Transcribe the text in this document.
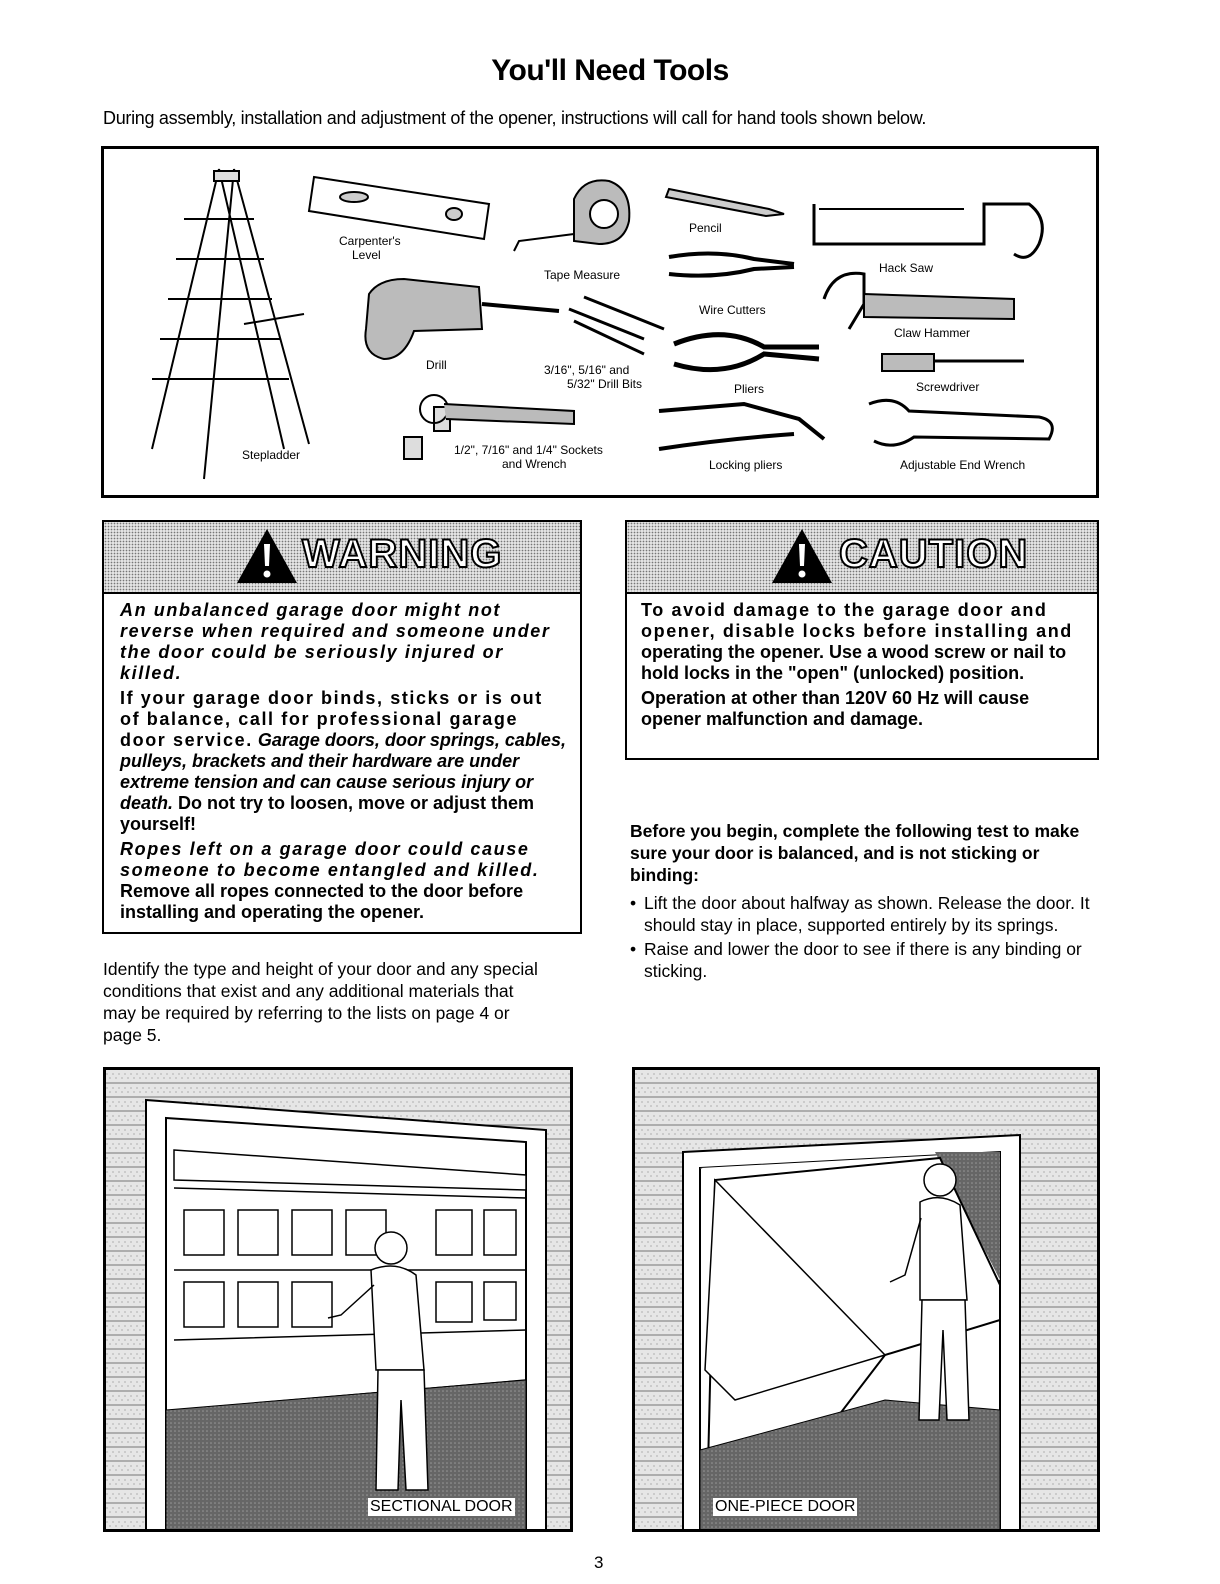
You'll Need Tools
During assembly, installation and adjustment of the opener, instructions will call for hand tools shown below.
Stepladder
Carpenter's
Level
Tape Measure
Drill	3/16", 5/16" and
5/32" Drill Bits
1/2", 7/16" and 1/4" Sockets
and Wrench
Pencil
Wire Cutters
Pliers
Locking pliers
Hack Saw
Claw Hammer
Screwdriver
Adjustable End Wrench
WARNING

An unbalanced garage door might not reverse when required and someone under the door could be seriously injured or killed.

If your garage door binds, sticks or is out of balance, call for professional garage door service. Garage doors, door springs, cables, pulleys, brackets and their hardware are under extreme tension and can cause serious injury or death. Do not try to loosen, move or adjust them yourself!

Ropes left on a garage door could cause someone to become entangled and killed. Remove all ropes connected to the door before installing and operating the opener.

CAUTION

To avoid damage to the garage door and opener, disable locks before installing and operating the opener. Use a wood screw or nail to hold locks in the "open" (unlocked) position.

Operation at other than 120V 60 Hz will cause opener malfunction and damage.

Before you begin, complete the following test to make sure your door is balanced, and is not sticking or binding:
• Lift the door about halfway as shown. Release the door. It should stay in place, supported entirely by its springs.
• Raise and lower the door to see if there is any binding or sticking.
Identify the type and height of your door and any special conditions that exist and any additional materials that may be required by referring to the lists on page 4 or page 5.
SECTIONAL DOOR	ONE-PIECE DOOR
3
